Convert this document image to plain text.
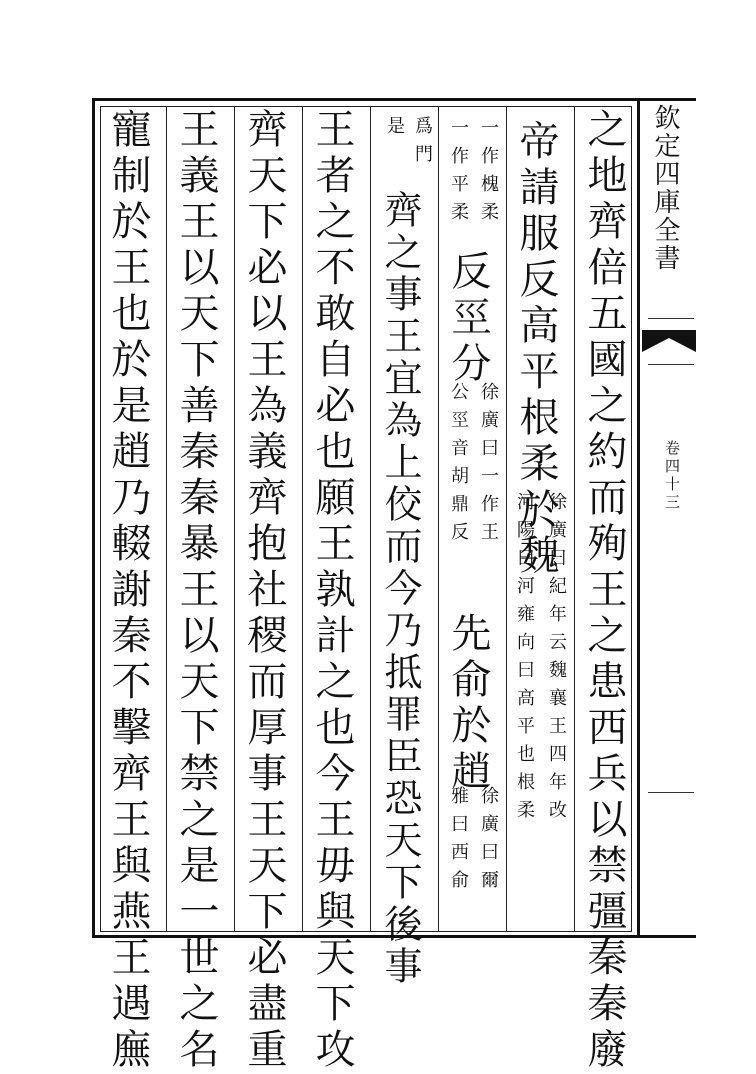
欽定四庫全書
卷四十三
之地齊倍五國之約而殉王之患西兵以禁彊秦秦廢
帝請服反高平根柔於魏
徐廣曰紀年云魏襄王四年改
河陽曰河雍向曰高平也根柔
一作槐柔
一作平柔
反巠分
徐廣曰一作王
公巠音胡鼎反
先俞於趙
徐廣曰爾
雅曰西俞
爲門
是
齊之事王宜為上佼而今乃抵罪臣恐天下後事
王者之不敢自必也願王孰計之也今王毋與天下攻
齊天下必以王為義齊抱社稷而厚事王天下必盡重
王義王以天下善秦秦暴王以天下禁之是一世之名
寵制於王也於是趙乃輟謝秦不擊齊王與燕王遇廡
